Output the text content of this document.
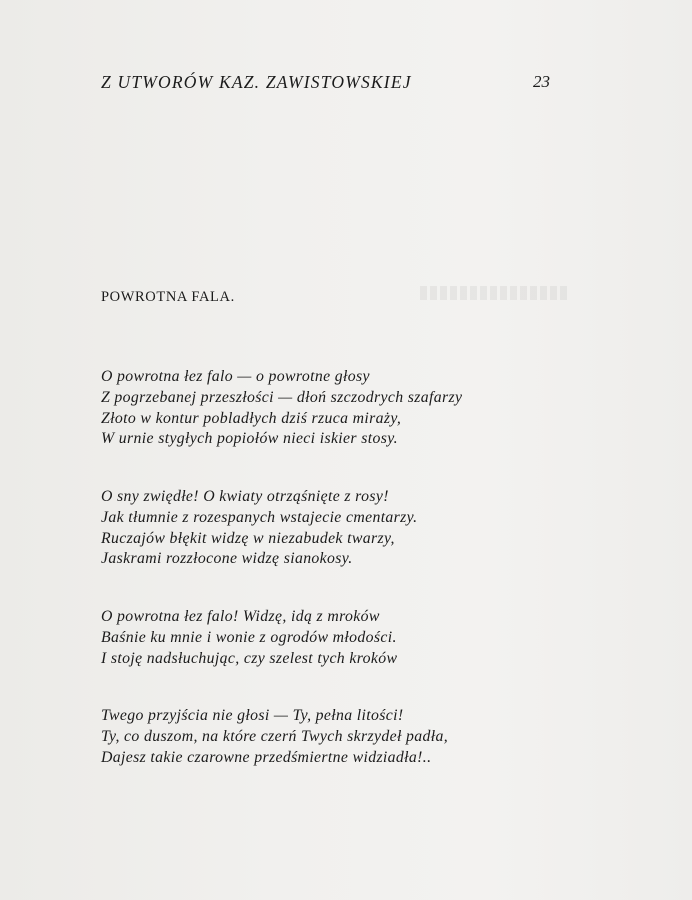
Z UTWORÓW KAZ. ZAWISTOWSKIEJ	23
POWROTNA FALA.
O powrotna łez falo — o powrotne głosy
Z pogrzebanej przeszłości — dłoń szczodrych szafarzy
Złoto w kontur pobladłych dziś rzuca miraży,
W urnie stygłych popiołów nieci iskier stosy.
O sny zwiędłe! O kwiaty otrząśnięte z rosy!
Jak tłumnie z rozespanych wstajecie cmentarzy.
Ruczajów błękit widzę w niezabudek twarzy,
Jaskrami rozzłocone widzę sianokosy.
O powrotna łez falo! Widzę, idą z mroków
Baśnie ku mnie i wonie z ogrodów młodości.
I stoję nadsłuchując, czy szelest tych kroków
Twego przyjścia nie głosi — Ty, pełna litości!
Ty, co duszom, na które czerń Twych skrzydeł padła,
Dajesz takie czarowne przedśmiertne widziadła!..
